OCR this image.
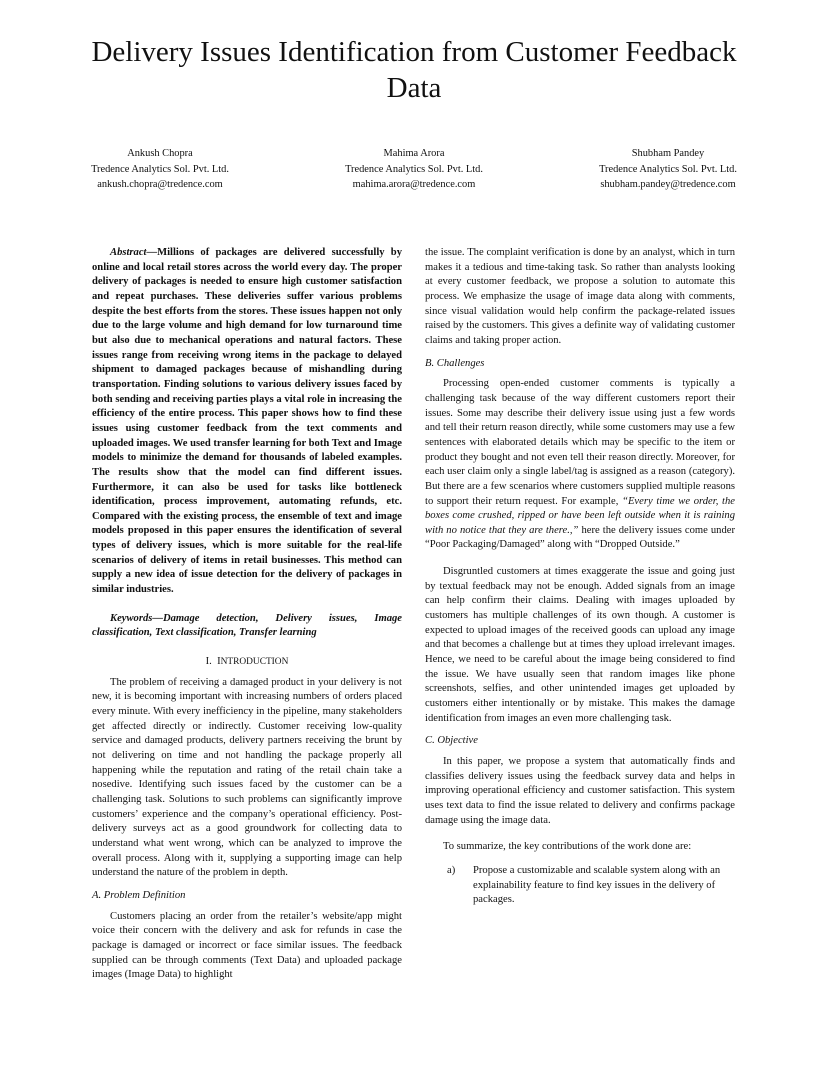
Delivery Issues Identification from Customer Feedback Data
Ankush Chopra
Tredence Analytics Sol. Pvt. Ltd.
ankush.chopra@tredence.com
Mahima Arora
Tredence Analytics Sol. Pvt. Ltd.
mahima.arora@tredence.com
Shubham Pandey
Tredence Analytics Sol. Pvt. Ltd.
shubham.pandey@tredence.com

Abstract—Millions of packages are delivered successfully by online and local retail stores across the world every day. The proper delivery of packages is needed to ensure high customer satisfaction and repeat purchases. These deliveries suffer various problems despite the best efforts from the stores. These issues happen not only due to the large volume and high demand for low turnaround time but also due to mechanical operations and natural factors. These issues range from receiving wrong items in the package to delayed shipment to damaged packages because of mishandling during transportation. Finding solutions to various delivery issues faced by both sending and receiving parties plays a vital role in increasing the efficiency of the entire process. This paper shows how to find these issues using customer feedback from the text comments and uploaded images. We used transfer learning for both Text and Image models to minimize the demand for thousands of labeled examples. The results show that the model can find different issues. Furthermore, it can also be used for tasks like bottleneck identification, process improvement, automating refunds, etc. Compared with the existing process, the ensemble of text and image models proposed in this paper ensures the identification of several types of delivery issues, which is more suitable for the real-life scenarios of delivery of items in retail businesses. This method can supply a new idea of issue detection for the delivery of packages in similar industries.

Keywords—Damage detection, Delivery issues, Image classification, Text classification, Transfer learning

I. INTRODUCTION

The problem of receiving a damaged product in your delivery is not new, it is becoming important with increasing numbers of orders placed every minute. With every inefficiency in the pipeline, many stakeholders get affected directly or indirectly. Customer receiving low-quality service and damaged products, delivery partners receiving the brunt by not delivering on time and not handling the package properly all happening while the reputation and rating of the retail chain take a nosedive. Identifying such issues faced by the customer can be a challenging task. Solutions to such problems can significantly improve customers’ experience and the company’s operational efficiency. Post-delivery surveys act as a good groundwork for collecting data to understand what went wrong, which can be analyzed to improve the overall process. Along with it, supplying a supporting image can help understand the nature of the problem in depth.

A. Problem Definition

Customers placing an order from the retailer’s website/app might voice their concern with the delivery and ask for refunds in case the package is damaged or incorrect or face similar issues. The feedback supplied can be through comments (Text Data) and uploaded package images (Image Data) to highlight

the issue. The complaint verification is done by an analyst, which in turn makes it a tedious and time-taking task. So rather than analysts looking at every customer feedback, we propose a solution to automate this process. We emphasize the usage of image data along with comments, since visual validation would help confirm the package-related issues raised by the customers. This gives a definite way of validating customer claims and taking proper action.

B. Challenges

Processing open-ended customer comments is typically a challenging task because of the way different customers report their issues. Some may describe their delivery issue using just a few words and tell their return reason directly, while some customers may use a few sentences with elaborated details which may be specific to the item or product they bought and not even tell their reason directly. Moreover, for each user claim only a single label/tag is assigned as a reason (category). But there are a few scenarios where customers supplied multiple reasons to support their return request. For example, “Every time we order, the boxes come crushed, ripped or have been left outside when it is raining with no notice that they are there.,” here the delivery issues come under “Poor Packaging/Damaged” along with “Dropped Outside.”

Disgruntled customers at times exaggerate the issue and going just by textual feedback may not be enough. Added signals from an image can help confirm their claims. Dealing with images uploaded by customers has multiple challenges of its own though. A customer is expected to upload images of the received goods can upload any image and that becomes a challenge but at times they upload irrelevant images. Hence, we need to be careful about the image being considered to find the issue. We have usually seen that random images like phone screenshots, selfies, and other unintended images get uploaded by customers either intentionally or by mistake. This makes the damage identification from images an even more challenging task.

C. Objective

In this paper, we propose a system that automatically finds and classifies delivery issues using the feedback survey data and helps in improving operational efficiency and customer satisfaction. This system uses text data to find the issue related to delivery and confirms package damage using the image data.

To summarize, the key contributions of the work done are:

a)	Propose a customizable and scalable system along with an explainability feature to find key issues in the delivery of packages.
